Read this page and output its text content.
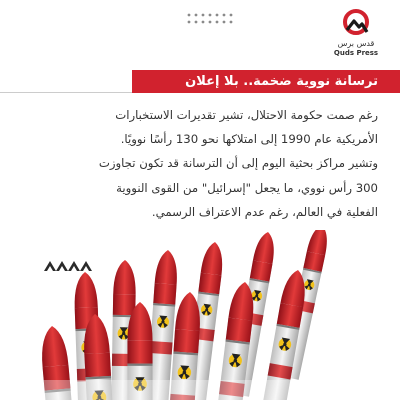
قدس برس
Quds Press
ترسانة نووية ضخمة.. بلا إعلان
رغم صمت حكومة الاحتلال، تشير تقديرات الاستخبارات
الأمريكية عام 1990 إلى امتلاكها نحو 130 رأسًا نوويًا.
وتشير مراكز بحثية اليوم إلى أن الترسانة قد تكون تجاوزت
300 رأس نووي، ما يجعل "إسرائيل" من القوى النووية
الفعلية في العالم، رغم عدم الاعتراف الرسمي.
